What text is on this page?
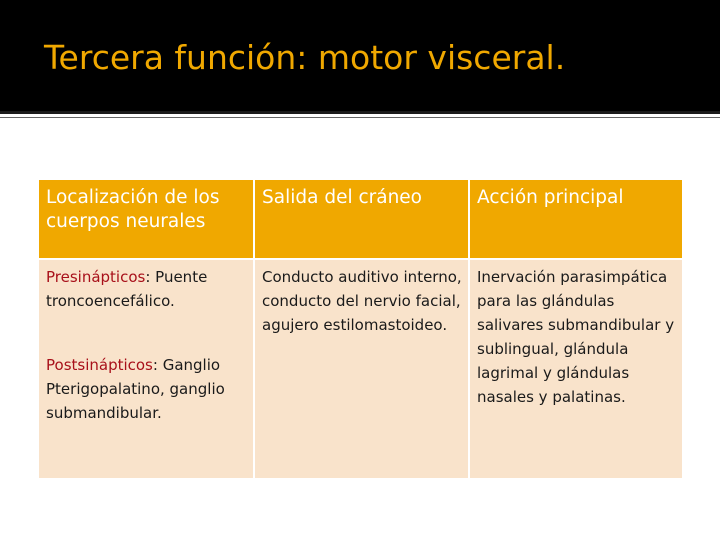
Tercera función: motor visceral.
Localización de los cuerpos neurales	Salida del cráneo	Acción principal

Presinápticos: Puente troncoencefálico.
Postsinápticos: Ganglio Pterigopalatino, ganglio submandibular.	Conducto auditivo interno, conducto del nervio facial, agujero estilomastoideo.	Inervación parasimpática para las glándulas salivares submandibular y sublingual, glándula lagrimal y glándulas nasales y palatinas.
